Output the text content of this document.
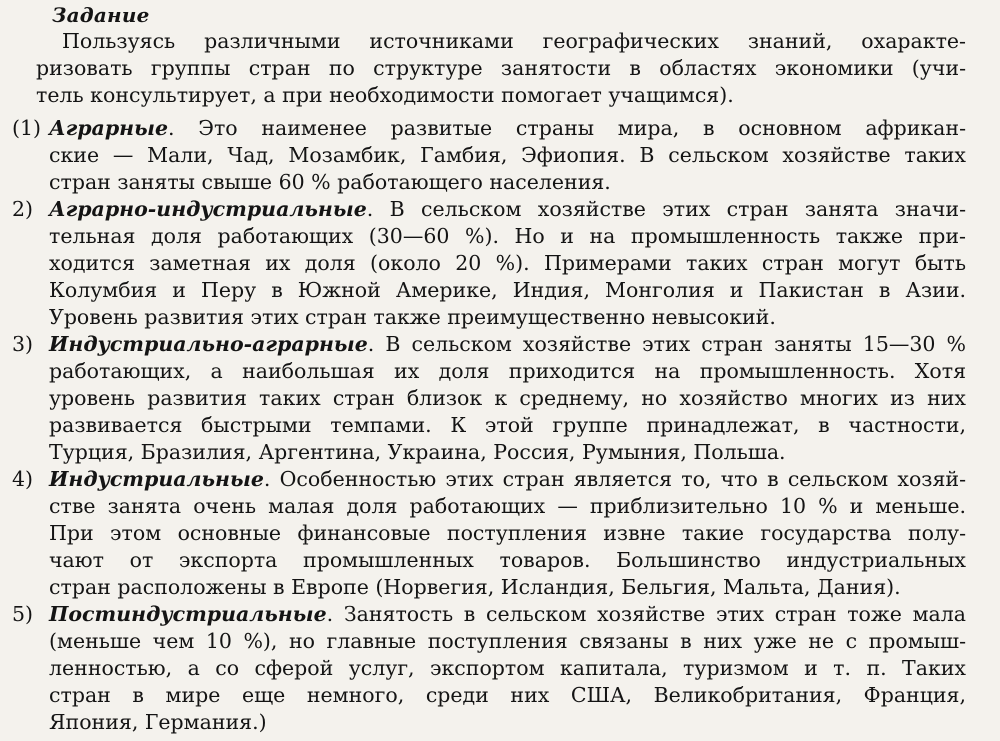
Задание
Пользуясь различными источниками географических знаний, охаракте-
ризовать группы стран по структуре занятости в областях экономики (учи-
тель консультирует, а при необходимости помогает учащимся).
(1) Аграрные. Это наименее развитые страны мира, в основном африкан-
ские — Мали, Чад, Мозамбик, Гамбия, Эфиопия. В сельском хозяйстве таких
стран заняты свыше 60 % работающего населения.
2) Аграрно-индустриальные. В сельском хозяйстве этих стран занята значи-
тельная доля работающих (30—60 %). Но и на промышленность также при-
ходится заметная их доля (около 20 %). Примерами таких стран могут быть
Колумбия и Перу в Южной Америке, Индия, Монголия и Пакистан в Азии.
Уровень развития этих стран также преимущественно невысокий.
3) Индустриально-аграрные. В сельском хозяйстве этих стран заняты 15—30 %
работающих, а наибольшая их доля приходится на промышленность. Хотя
уровень развития таких стран близок к среднему, но хозяйство многих из них
развивается быстрыми темпами. К этой группе принадлежат, в частности,
Турция, Бразилия, Аргентина, Украина, Россия, Румыния, Польша.
4) Индустриальные. Особенностью этих стран является то, что в сельском хозяй-
стве занята очень малая доля работающих — приблизительно 10 % и меньше.
При этом основные финансовые поступления извне такие государства полу-
чают от экспорта промышленных товаров. Большинство индустриальных
стран расположены в Европе (Норвегия, Исландия, Бельгия, Мальта, Дания).
5) Постиндустриальные. Занятость в сельском хозяйстве этих стран тоже мала
(меньше чем 10 %), но главные поступления связаны в них уже не с промыш-
ленностью, а со сферой услуг, экспортом капитала, туризмом и т. п. Таких
стран в мире еще немного, среди них США, Великобритания, Франция,
Япония, Германия.)
